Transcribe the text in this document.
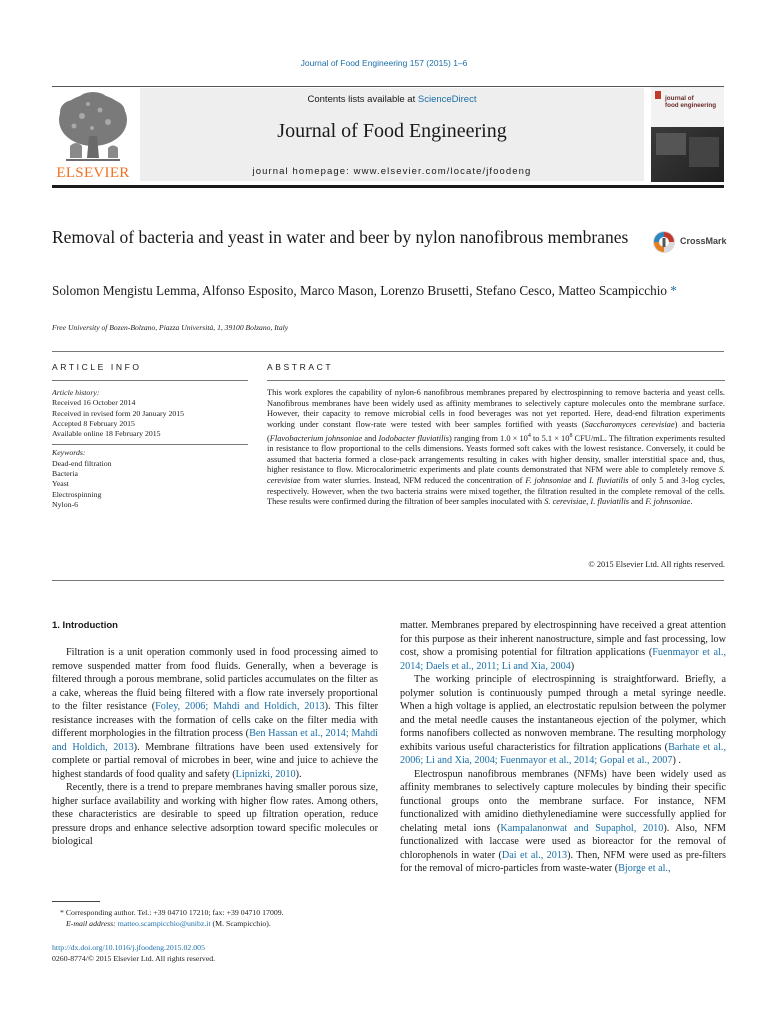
Journal of Food Engineering 157 (2015) 1–6
ELSEVIER
Contents lists available at ScienceDirect
Journal of Food Engineering
journal homepage: www.elsevier.com/locate/jfoodeng
journal of
food engineering
Removal of bacteria and yeast in water and beer by nylon nanofibrous membranes	CrossMark
Solomon Mengistu Lemma, Alfonso Esposito, Marco Mason, Lorenzo Brusetti, Stefano Cesco, Matteo Scampicchio *
Free University of Bozen-Bolzano, Piazza Università, 1, 39100 Bolzano, Italy
ARTICLE INFO	ABSTRACT
Article history:
Received 16 October 2014
Received in revised form 20 January 2015
Accepted 8 February 2015
Available online 18 February 2015
Keywords:
Dead-end filtration
Bacteria
Yeast
Electrospinning
Nylon-6
This work explores the capability of nylon-6 nanofibrous membranes prepared by electrospinning to remove bacteria and yeast cells. Nanofibrous membranes have been widely used as affinity membranes to selectively capture molecules onto the membrane surface. However, their capacity to remove microbial cells in food beverages was not yet reported. Here, dead-end filtration experiments working under constant flow-rate were tested with beer samples fortified with yeasts (Saccharomyces cerevisiae) and bacteria (Flavobacterium johnsoniae and Iodobacter fluviatilis) ranging from $1.0 \times 10^4$ to $5.1 \times 10^8$ CFU/mL. The filtration experiments resulted in resistance to flow proportional to the cells dimensions. Yeasts formed soft cakes with the lowest resistance. Conversely, it could be assumed that bacteria formed a close-pack arrangements resulting in cakes with higher density, smaller interstitial space and, thus, higher resistance to flow. Microcalorimetric experiments and plate counts demonstrated that NFM were able to completely remove S. cerevisiae from water slurries. Instead, NFM reduced the concentration of F. johnsoniae and I. fluviatilis of only 5 and 3-log cycles, respectively. However, when the two bacteria strains were mixed together, the filtration resulted in the complete removal of the cells. These results were confirmed during the filtration of beer samples inoculated with S. cerevisiae, I. fluviatilis and F. johnsoniae.
© 2015 Elsevier Ltd. All rights reserved.
1. Introduction

Filtration is a unit operation commonly used in food processing aimed to remove suspended matter from food fluids. Generally, when a beverage is filtered through a porous membrane, solid particles accumulates on the filter as a cake, whereas the fluid being filtered with a flow rate inversely proportional to the filter resistance (Foley, 2006; Mahdi and Holdich, 2013). This filter resistance increases with the formation of cells cake on the filter media with different morphologies in the filtration process (Ben Hassan et al., 2014; Mahdi and Holdich, 2013). Membrane filtrations have been used extensively for complete or partial removal of microbes in beer, wine and juice to achieve the highest standards of food quality and safety (Lipnizki, 2010).

Recently, there is a trend to prepare membranes having smaller porous size, higher surface availability and working with higher flow rates. Among others, these characteristics are desirable to speed up filtration operation, reduce pressure drops and enhance selective adsorption toward specific molecules or biological

matter. Membranes prepared by electrospinning have received a great attention for this purpose as their inherent nanostructure, simple and fast processing, low cost, show a promising potential for filtration applications (Fuenmayor et al., 2014; Daels et al., 2011; Li and Xia, 2004)

The working principle of electrospinning is straightforward. Briefly, a polymer solution is continuously pumped through a metal syringe needle. When a high voltage is applied, an electrostatic repulsion between the polymer and the metal needle causes the instantaneous ejection of the polymer, which forms nanofibers collected as nonwoven membrane. The resulting morphology exhibits various useful characteristics for filtration applications (Barhate et al., 2006; Li and Xia, 2004; Fuenmayor et al., 2014; Gopal et al., 2007) .

Electrospun nanofibrous membranes (NFMs) have been widely used as affinity membranes to selectively capture molecules by binding their specific functional groups onto the membrane surface. For instance, NFM functionalized with amidino diethylenediamine were successfully applied for chelating metal ions (Kampalanonwat and Supaphol, 2010). Also, NFM functionalized with laccase were used as bioreactor for the removal of chlorophenols in water (Dai et al., 2013). Then, NFM were used as pre-filters for the removal of micro-particles from waste-water (Bjorge et al.,

* Corresponding author. Tel.: +39 04710 17210; fax: +39 04710 17009.
E-mail address: matteo.scampicchio@unibz.it (M. Scampicchio).
http://dx.doi.org/10.1016/j.jfoodeng.2015.02.005
0260-8774/© 2015 Elsevier Ltd. All rights reserved.
